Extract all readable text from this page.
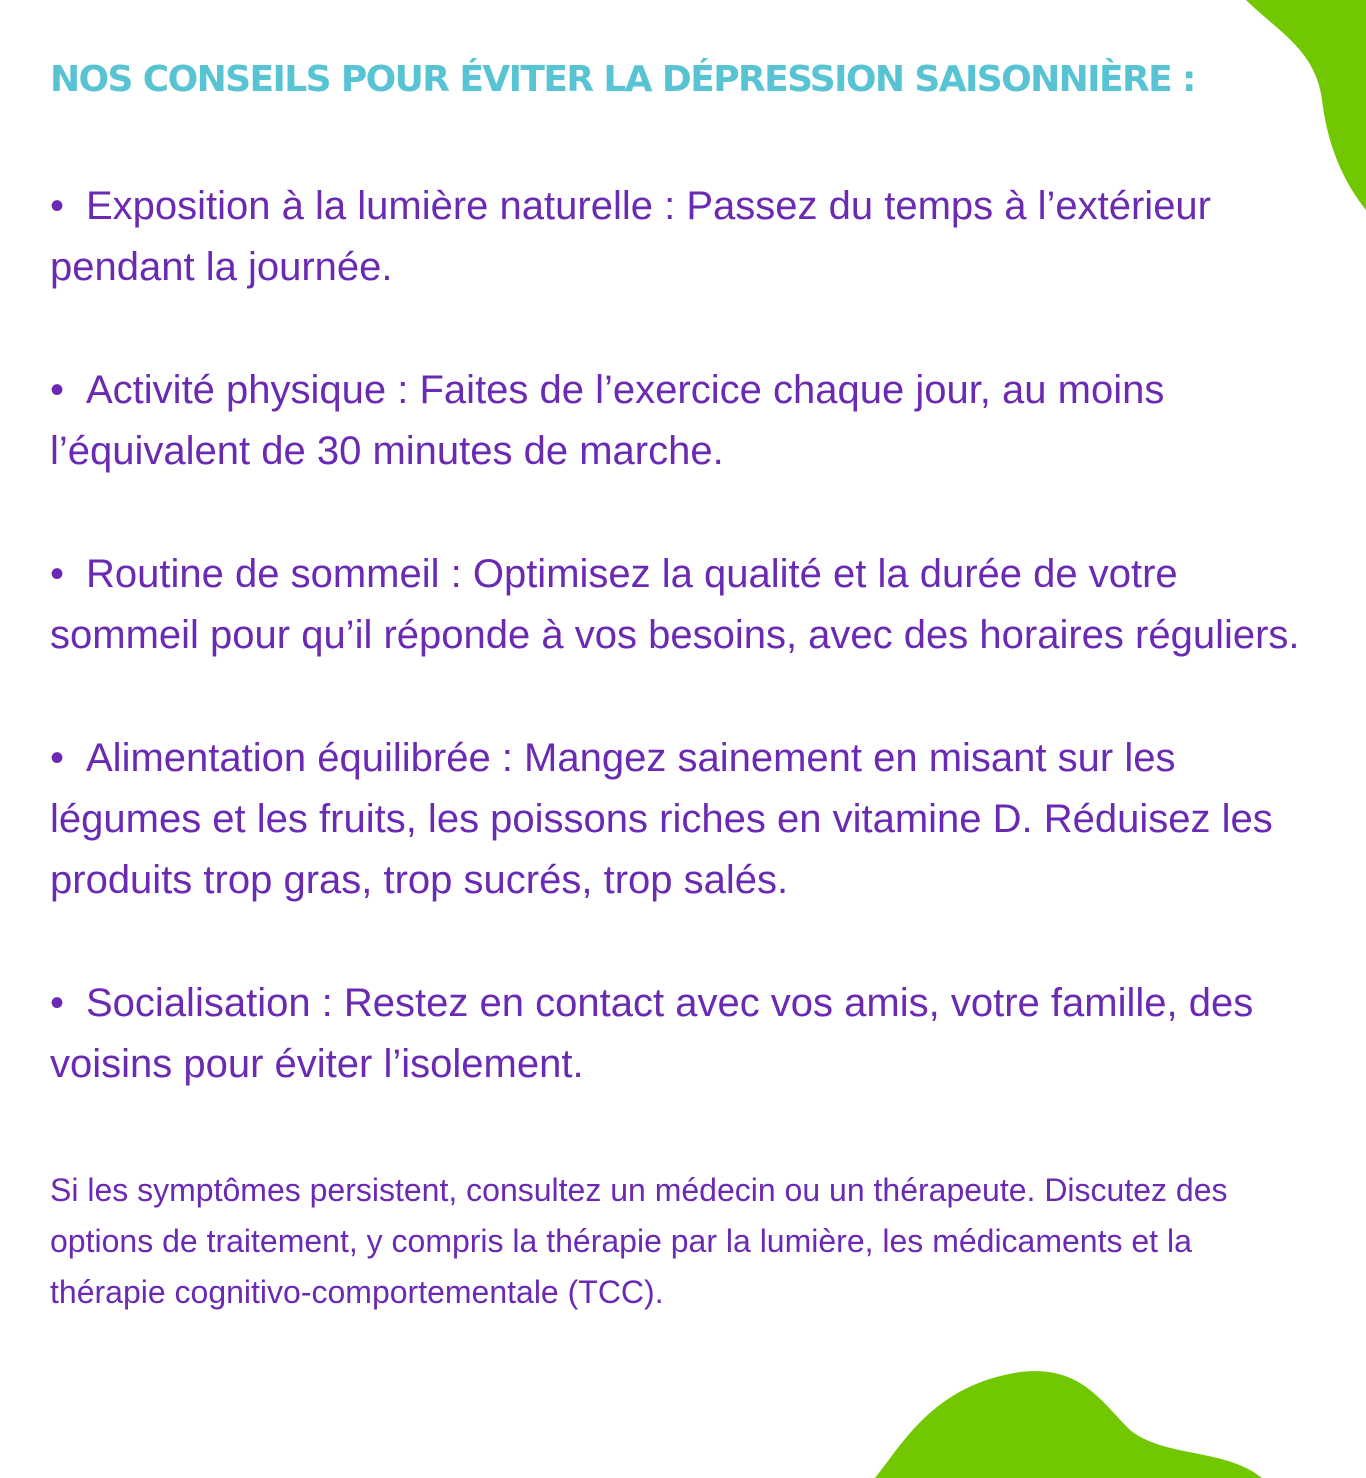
NOS CONSEILS POUR ÉVITER LA DÉPRESSION SAISONNIÈRE :
• Exposition à la lumière naturelle : Passez du temps à l’extérieur pendant la journée.
• Activité physique : Faites de l’exercice chaque jour, au moins l’équivalent de 30 minutes de marche.
• Routine de sommeil : Optimisez la qualité et la durée de votre sommeil pour qu’il réponde à vos besoins, avec des horaires réguliers.
• Alimentation équilibrée : Mangez sainement en misant sur les légumes et les fruits, les poissons riches en vitamine D. Réduisez les produits trop gras, trop sucrés, trop salés.
• Socialisation : Restez en contact avec vos amis, votre famille, des voisins pour éviter l’isolement.

Si les symptômes persistent, consultez un médecin ou un thérapeute. Discutez des options de traitement, y compris la thérapie par la lumière, les médicaments et la thérapie cognitivo-comportementale (TCC).
